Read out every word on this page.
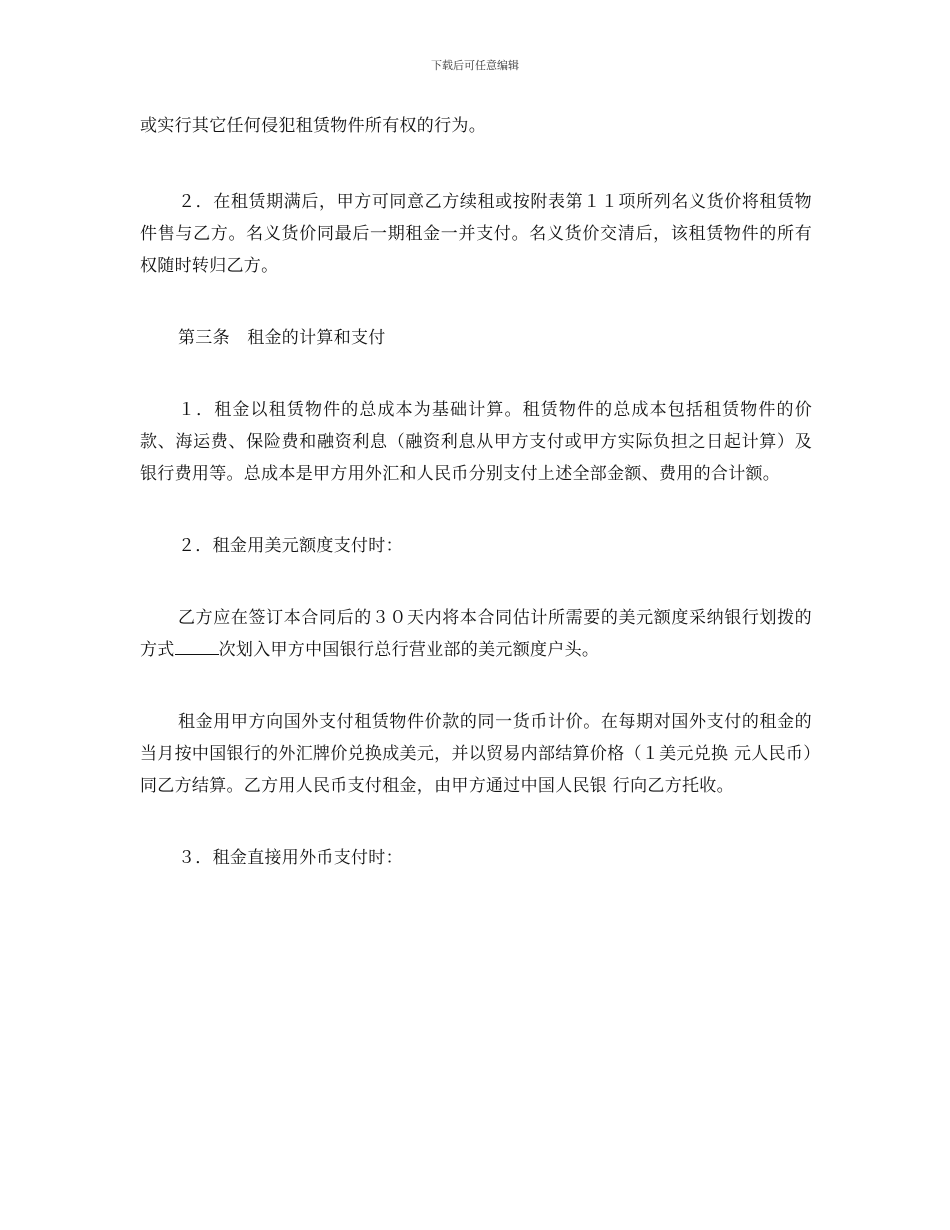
下载后可任意编辑

或实行其它任何侵犯租赁物件所有权的行为。

２．在租赁期满后，甲方可同意乙方续租或按附表第１１项所列名义货价将租赁物件售与乙方。名义货价同最后一期租金一并支付。名义货价交清后，该租赁物件的所有权随时转归乙方。

第三条　租金的计算和支付

１．租金以租赁物件的总成本为基础计算。租赁物件的总成本包括租赁物件的价款、海运费、保险费和融资利息（融资利息从甲方支付或甲方实际负担之日起计算）及银行费用等。总成本是甲方用外汇和人民币分别支付上述全部金额、费用的合计额。

２．租金用美元额度支付时：

乙方应在签订本合同后的３０天内将本合同估计所需要的美元额度采纳银行划拨的方式	次划入甲方中国银行总行营业部的美元额度户头。

租金用甲方向国外支付租赁物件价款的同一货币计价。在每期对国外支付的租金的当月按中国银行的外汇牌价兑换成美元，并以贸易内部结算价格（１美元兑换 元人民币）同乙方结算。乙方用人民币支付租金，由甲方通过中国人民银 行向乙方托收。

３．租金直接用外币支付时：
